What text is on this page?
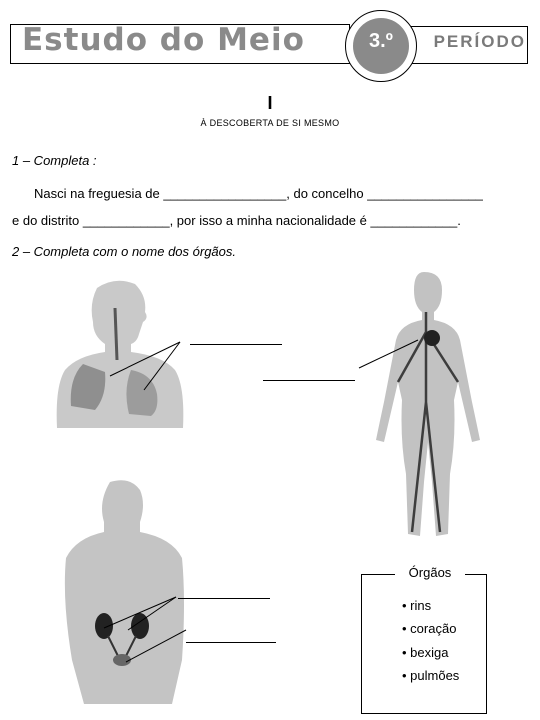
Estudo do Meio	PERÍODO
3.º
I
À DESCOBERTA DE SI MESMO
1 – Completa :
Nasci na freguesia de _________________, do concelho ________________
e do distrito ____________, por isso a minha nacionalidade é ____________.
2 – Completa com o nome dos órgãos.
Órgãos
• rins
• coração
• bexiga
• pulmões
